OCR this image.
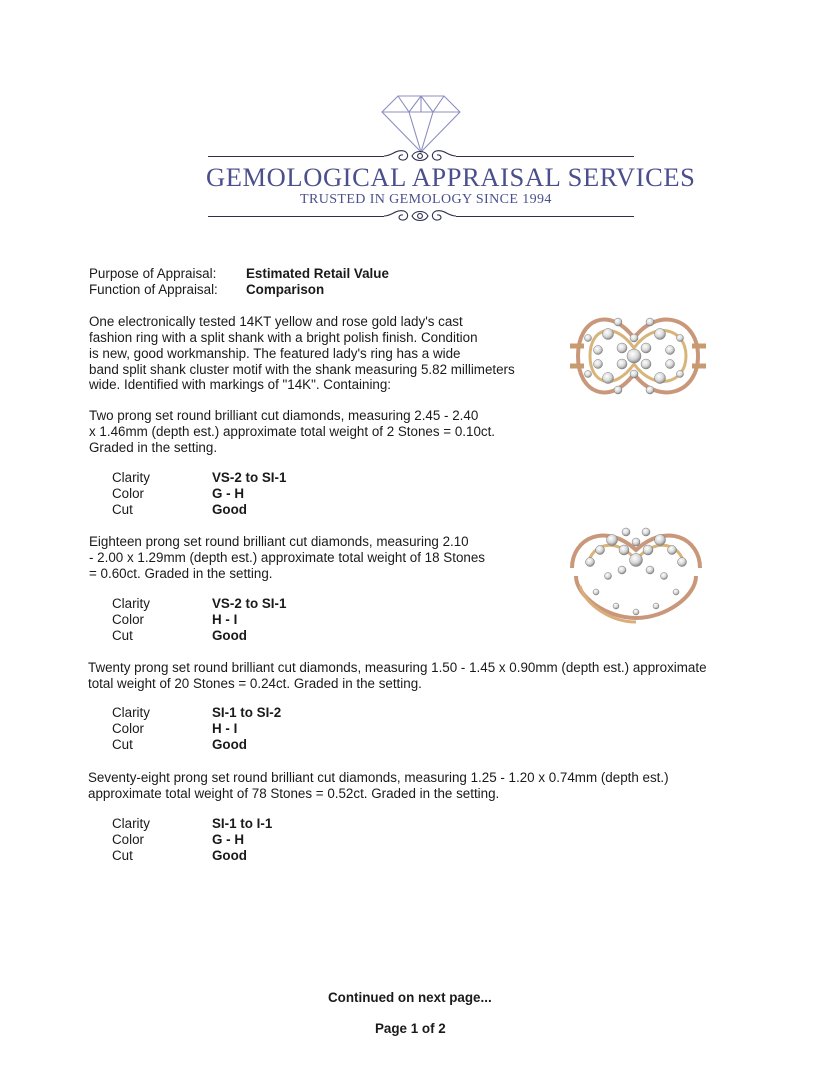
GEMOLOGICAL APPRAISAL SERVICES
TRUSTED IN GEMOLOGY SINCE 1994
Purpose of Appraisal: Estimated Retail Value
Function of Appraisal: Comparison
One electronically tested 14KT yellow and rose gold lady's cast
fashion ring with a split shank with a bright polish finish. Condition
is new, good workmanship. The featured lady's ring has a wide
band split shank cluster motif with the shank measuring 5.82 millimeters
wide. Identified with markings of "14K". Containing:
Two prong set round brilliant cut diamonds, measuring 2.45 - 2.40
x 1.46mm (depth est.) approximate total weight of 2 Stones = 0.10ct.
Graded in the setting.
Clarity	VS-2 to SI-1
Color	G - H
Cut	Good
Eighteen prong set round brilliant cut diamonds, measuring 2.10
- 2.00 x 1.29mm (depth est.) approximate total weight of 18 Stones
= 0.60ct. Graded in the setting.
Clarity	VS-2 to SI-1
Color	H - I
Cut	Good
Twenty prong set round brilliant cut diamonds, measuring 1.50 - 1.45 x 0.90mm (depth est.) approximate
total weight of 20 Stones = 0.24ct. Graded in the setting.
Clarity	SI-1 to SI-2
Color	H - I
Cut	Good
Seventy-eight prong set round brilliant cut diamonds, measuring 1.25 - 1.20 x 0.74mm (depth est.)
approximate total weight of 78 Stones = 0.52ct. Graded in the setting.
Clarity	SI-1 to I-1
Color	G - H
Cut	Good
Continued on next page...
Page 1 of 2
